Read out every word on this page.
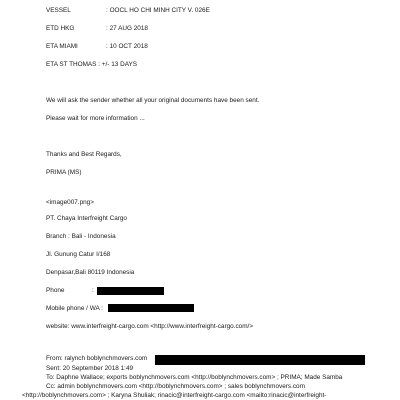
VESSEL	: OOCL HO CHI MINH CITY V. 026E
ETD HKG	: 27 AUG 2018
ETA MIAMI	: 10 OCT 2018
ETA ST THOMAS : +/- 13 DAYS
We will ask the sender whether all your original documents have been sent.
Please wait for more information ...
Thanks and Best Regards,
PRIMA (MS)
<image007.png>
PT. Chaya Interfreight Cargo
Branch : Bali - Indonesia
Jl. Gunung Catur I/168
Denpasar,Bali 80119 Indonesia
Phone	:
Mobile phone / WA :
website: www.interfreight-cargo.com <http://www.interfreight-cargo.com/>
From: ralynch boblynchmovers.com
Sent: 20 September 2018 1:49
To: Daphne Wallace; exports boblynchmovers.com <http://boblynchmovers.com> ; PRIMA; Made Samba
Cc: admin boblynchmovers.com <http://boblynchmovers.com> ; sales boblynchmovers.com
<http://boblynchmovers.com> ; Karyna Shuliak; rinacic@interfreight-cargo.com <mailto:rinacic@interfreight-
